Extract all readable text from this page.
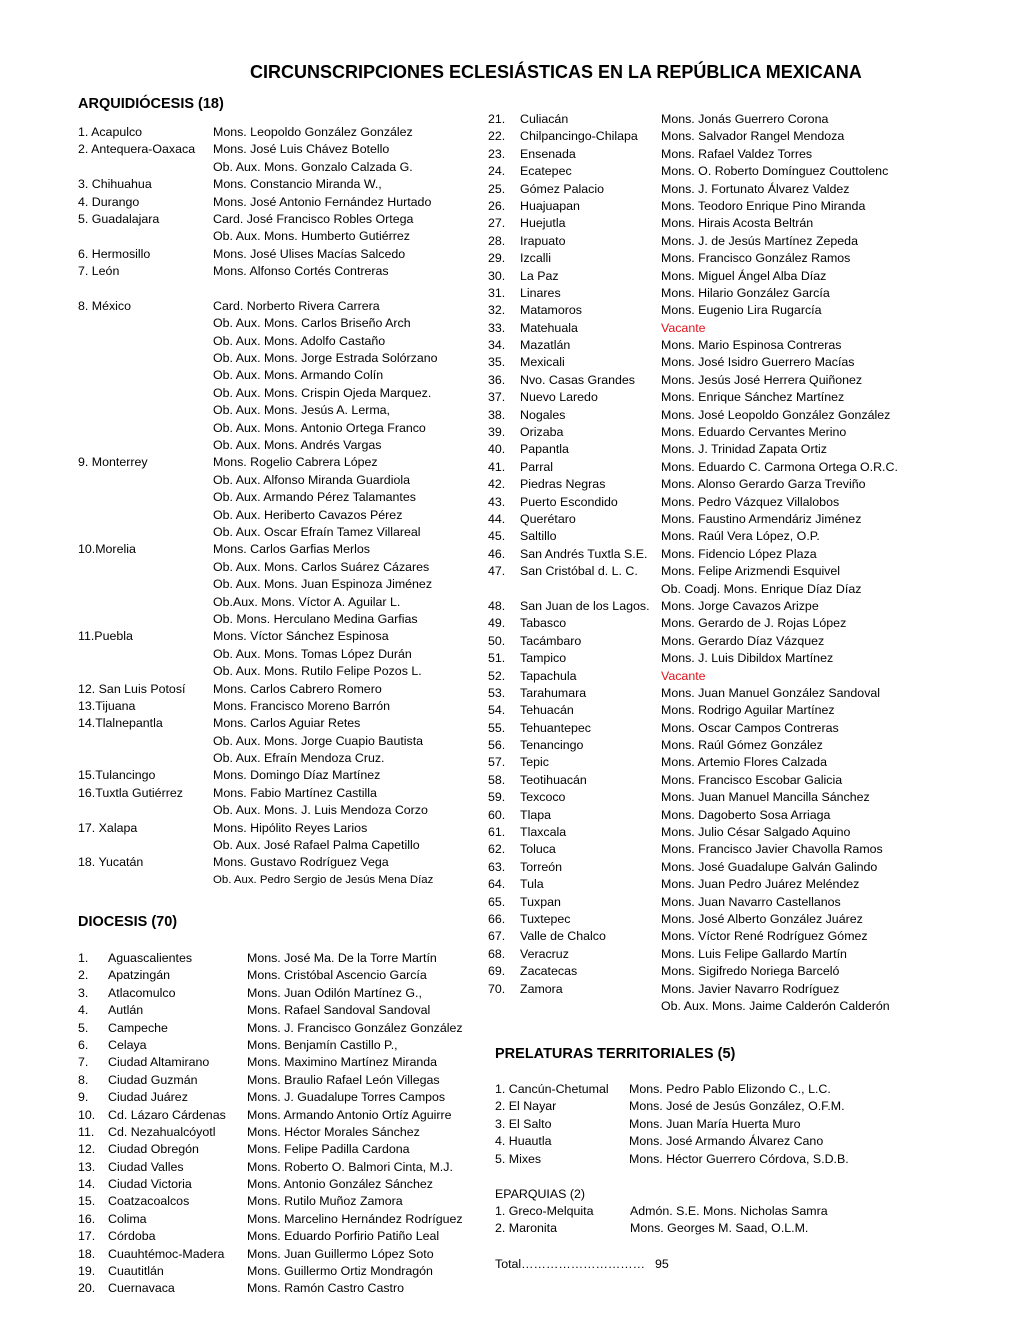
CIRCUNSCRIPCIONES ECLESIÁSTICAS EN LA REPÚBLICA MEXICANA
ARQUIDIÓCESIS (18)
1. Acapulco	Mons. Leopoldo González González
2. Antequera-Oaxaca Mons. José Luis Chávez Botello
Ob. Aux. Mons. Gonzalo Calzada G.
3. Chihuahua	Mons. Constancio Miranda W.,
4. Durango	Mons. José Antonio Fernández Hurtado
5. Guadalajara	Card. José Francisco Robles Ortega
Ob. Aux. Mons. Humberto Gutiérrez
6. Hermosillo	Mons. José Ulises Macías Salcedo
7. León	Mons. Alfonso Cortés Contreras
8. México	Card. Norberto Rivera Carrera
Ob. Aux. Mons. Carlos Briseño Arch
Ob. Aux. Mons. Adolfo Castaño
Ob. Aux. Mons. Jorge Estrada Solórzano
Ob. Aux. Mons. Armando Colín
Ob. Aux. Mons. Crispin Ojeda Marquez.
Ob. Aux. Mons. Jesús A. Lerma,
Ob. Aux. Mons. Antonio Ortega Franco
Ob. Aux. Mons. Andrés Vargas
9. Monterrey	Mons. Rogelio Cabrera López
Ob. Aux. Alfonso Miranda Guardiola
Ob. Aux. Armando Pérez Talamantes
Ob. Aux. Heriberto Cavazos Pérez
Ob. Aux. Oscar Efraín Tamez Villareal
10.Morelia	Mons. Carlos Garfias Merlos
Ob. Aux. Mons. Carlos Suárez Cázares
Ob. Aux. Mons. Juan Espinoza Jiménez
Ob.Aux. Mons. Víctor A. Aguilar L.
Ob. Mons. Herculano Medina Garfias
11.Puebla	Mons. Víctor Sánchez Espinosa
Ob. Aux. Mons. Tomas López Durán
Ob. Aux. Mons. Rutilo Felipe Pozos L.
12. San Luis Potosí Mons. Carlos Cabrero Romero
13.Tijuana	Mons. Francisco Moreno Barrón
14.Tlalnepantla	Mons. Carlos Aguiar Retes
Ob. Aux. Mons. Jorge Cuapio Bautista
Ob. Aux. Efraín Mendoza Cruz.
15.Tulancingo	Mons. Domingo Díaz Martínez
16.Tuxtla Gutiérrez Mons. Fabio Martínez Castilla
Ob. Aux. Mons. J. Luis Mendoza Corzo
17. Xalapa	Mons. Hipólito Reyes Larios
Ob. Aux. José Rafael Palma Capetillo
18. Yucatán	Mons. Gustavo Rodríguez Vega
Ob. Aux. Pedro Sergio de Jesús Mena Díaz
DIOCESIS (70)
1. Aguascalientes	Mons. José Ma. De la Torre Martín
2. Apatzingán	Mons. Cristóbal Ascencio García
3. Atlacomulco	Mons. Juan Odilón Martínez G.,
4. Autlán	Mons. Rafael Sandoval Sandoval
5. Campeche	Mons. J. Francisco González González
6. Celaya	Mons. Benjamín Castillo P.,
7. Ciudad Altamirano	Mons. Maximino Martínez Miranda
8. Ciudad Guzmán	Mons. Braulio Rafael León Villegas
9. Ciudad Juárez	Mons. J. Guadalupe Torres Campos
10. Cd. Lázaro Cárdenas Mons. Armando Antonio Ortíz Aguirre
11. Cd. Nezahualcóyotl	Mons. Héctor Morales Sánchez
12. Ciudad Obregón	Mons. Felipe Padilla Cardona
13. Ciudad Valles	Mons. Roberto O. Balmori Cinta, M.J.
14. Ciudad Victoria	Mons. Antonio González Sánchez
15. Coatzacoalcos	Mons. Rutilo Muñoz Zamora
16. Colima	Mons. Marcelino Hernández Rodríguez
17. Córdoba	Mons. Eduardo Porfirio Patiño Leal
18. Cuauhtémoc-Madera Mons. Juan Guillermo López Soto
19. Cuautitlán	Mons. Guillermo Ortiz Mondragón
20. Cuernavaca	Mons. Ramón Castro Castro
21. Culiacán	Mons. Jonás Guerrero Corona
22. Chilpancingo-Chilapa Mons. Salvador Rangel Mendoza
23. Ensenada	Mons. Rafael Valdez Torres
24. Ecatepec	Mons. O. Roberto Domínguez Couttolenc
25. Gómez Palacio	Mons. J. Fortunato Álvarez Valdez
26. Huajuapan	Mons. Teodoro Enrique Pino Miranda
27. Huejutla	Mons. Hirais Acosta Beltrán
28. Irapuato	Mons. J. de Jesús Martínez Zepeda
29. Izcalli	Mons. Francisco González Ramos
30. La Paz	Mons. Miguel Ángel Alba Díaz
31. Linares	Mons. Hilario González García
32. Matamoros	Mons. Eugenio Lira Rugarcía
33. Matehuala	Vacante
34. Mazatlán	Mons. Mario Espinosa Contreras
35. Mexicali	Mons. José Isidro Guerrero Macías
36. Nvo. Casas Grandes Mons. Jesús José Herrera Quiñonez
37. Nuevo Laredo	Mons. Enrique Sánchez Martínez
38. Nogales	Mons. José Leopoldo González González
39. Orizaba	Mons. Eduardo Cervantes Merino
40. Papantla	Mons. J. Trinidad Zapata Ortiz
41. Parral	Mons. Eduardo C. Carmona Ortega O.R.C.
42. Piedras Negras	Mons. Alonso Gerardo Garza Treviño
43. Puerto Escondido	Mons. Pedro Vázquez Villalobos
44. Querétaro	Mons. Faustino Armendáriz Jiménez
45. Saltillo	Mons. Raúl Vera López, O.P.
46. San Andrés Tuxtla S.E. Mons. Fidencio López Plaza
47. San Cristóbal d. L. C. Mons. Felipe Arizmendi Esquivel
Ob. Coadj. Mons. Enrique Díaz Díaz
48. San Juan de los Lagos. Mons. Jorge Cavazos Arizpe
49. Tabasco	Mons. Gerardo de J. Rojas López
50. Tacámbaro	Mons. Gerardo Díaz Vázquez
51. Tampico	Mons. J. Luis Dibildox Martínez
52. Tapachula	Vacante
53. Tarahumara	Mons. Juan Manuel González Sandoval
54. Tehuacán	Mons. Rodrigo Aguilar Martínez
55. Tehuantepec	Mons. Oscar Campos Contreras
56. Tenancingo	Mons. Raúl Gómez González
57. Tepic	Mons. Artemio Flores Calzada
58. Teotihuacán	Mons. Francisco Escobar Galicia
59. Texcoco	Mons. Juan Manuel Mancilla Sánchez
60. Tlapa	Mons. Dagoberto Sosa Arriaga
61. Tlaxcala	Mons. Julio César Salgado Aquino
62. Toluca	Mons. Francisco Javier Chavolla Ramos
63. Torreón	Mons. José Guadalupe Galván Galindo
64. Tula	Mons. Juan Pedro Juárez Meléndez
65. Tuxpan	Mons. Juan Navarro Castellanos
66. Tuxtepec	Mons. José Alberto González Juárez
67. Valle de Chalco	Mons. Víctor René Rodríguez Gómez
68. Veracruz	Mons. Luis Felipe Gallardo Martín
69. Zacatecas	Mons. Sigifredo Noriega Barceló
70. Zamora	Mons. Javier Navarro Rodríguez
Ob. Aux. Mons. Jaime Calderón Calderón
PRELATURAS TERRITORIALES (5)
1. Cancún-Chetumal Mons. Pedro Pablo Elizondo C., L.C.
2. El Nayar	Mons. José de Jesús González, O.F.M.
3. El Salto	Mons. Juan María Huerta Muro
4. Huautla	Mons. José Armando Álvarez Cano
5. Mixes	Mons. Héctor Guerrero Córdova, S.D.B.
EPARQUIAS (2)
1. Greco-Melquita	Admón. S.E. Mons. Nicholas Samra
2. Maronita	Mons. Georges M. Saad, O.L.M.
Total………………………… 95
